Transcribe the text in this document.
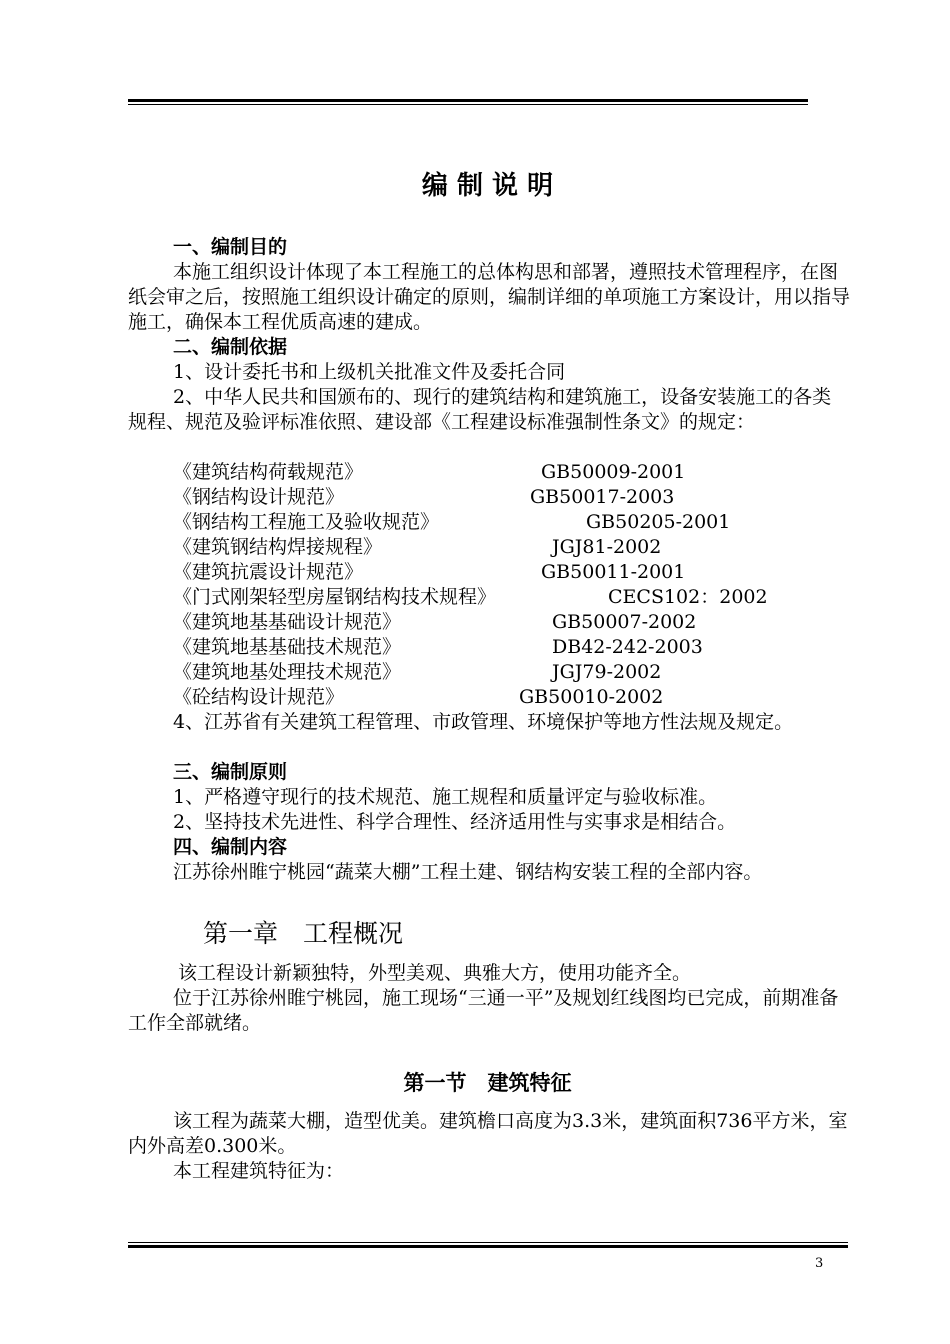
编 制 说 明
一、编制目的
本施工组织设计体现了本工程施工的总体构思和部署，遵照技术管理程序，在图纸会审之后，按照施工组织设计确定的原则，编制详细的单项施工方案设计，用以指导施工，确保本工程优质高速的建成。
二、编制依据
1、设计委托书和上级机关批准文件及委托合同
2、中华人民共和国颁布的、现行的建筑结构和建筑施工，设备安装施工的各类规程、规范及验评标准依照、建设部《工程建设标准强制性条文》的规定：
《建筑结构荷载规范》	GB50009-2001
《钢结构设计规范》	GB50017-2003
《钢结构工程施工及验收规范》	GB50205-2001
《建筑钢结构焊接规程》	JGJ81-2002
《建筑抗震设计规范》	GB50011-2001
《门式刚架轻型房屋钢结构技术规程》	CECS102：2002
《建筑地基基础设计规范》	GB50007-2002
《建筑地基基础技术规范》	DB42-242-2003
《建筑地基处理技术规范》	JGJ79-2002
《砼结构设计规范》	GB50010-2002
4、江苏省有关建筑工程管理、市政管理、环境保护等地方性法规及规定。
三、编制原则
1、严格遵守现行的技术规范、施工规程和质量评定与验收标准。
2、坚持技术先进性、科学合理性、经济适用性与实事求是相结合。
四、编制内容
江苏徐州睢宁桃园“蔬菜大棚”工程土建、钢结构安装工程的全部内容。
第一章　工程概况
该工程设计新颖独特，外型美观、典雅大方，使用功能齐全。
位于江苏徐州睢宁桃园，施工现场“三通一平”及规划红线图均已完成，前期准备工作全部就绪。
第一节　建筑特征
该工程为蔬菜大棚，造型优美。建筑檐口高度为3.3米，建筑面积736平方米，室内外高差0.300米。
本工程建筑特征为：
3
